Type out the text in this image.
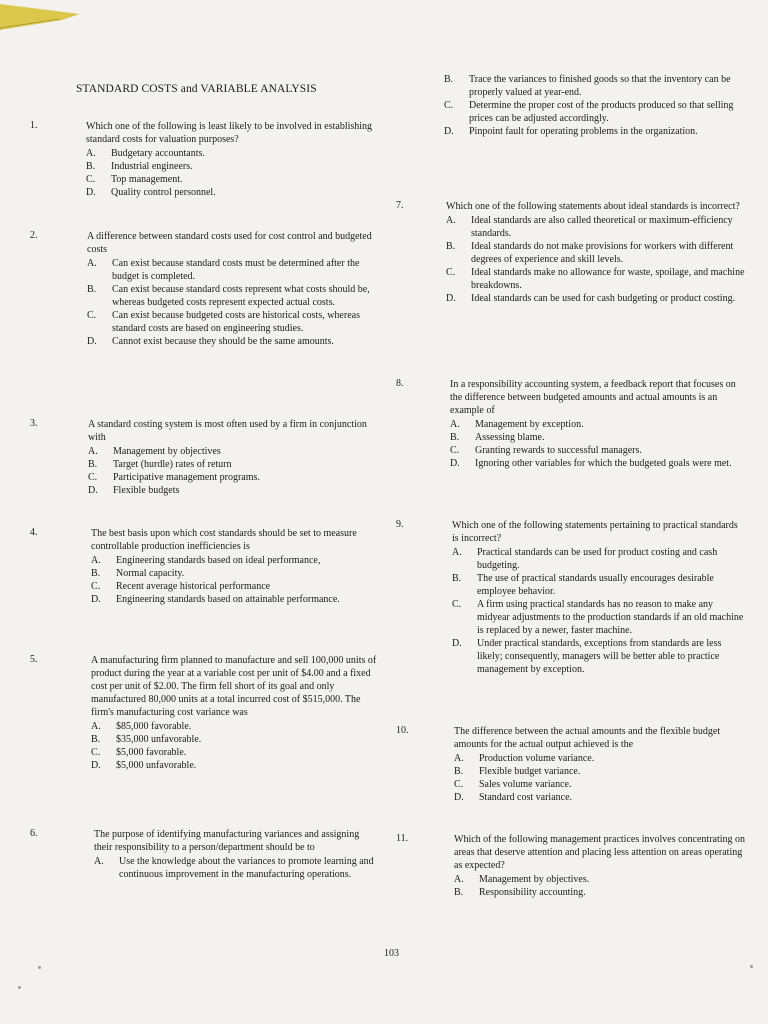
STANDARD COSTS and VARIABLE ANALYSIS
1.	Which one of the following is least likely to be involved in establishing standard costs for valuation purposes?

A. Budgetary accountants.
B. Industrial engineers.
C. Top management.
D. Quality control personnel.
2.	A difference between standard costs used for cost control and budgeted costs

A. Can exist because standard costs must be determined after the budget is completed.
B. Can exist because standard costs represent what costs should be, whereas budgeted costs represent expected actual costs.
C. Can exist because budgeted costs are historical costs, whereas standard costs are based on engineering studies.
D. Cannot exist because they should be the same amounts.
3.	A standard costing system is most often used by a firm in conjunction with

A. Management by objectives
B. Target (hurdle) rates of return
C. Participative management programs.
D. Flexible budgets
4.	The best basis upon which cost standards should be set to measure controllable production inefficiencies is

A. Engineering standards based on ideal performance,
B. Normal capacity.
C. Recent average historical performance
D. Engineering standards based on attainable performance.
5.	A manufacturing firm planned to manufacture and sell 100,000 units of product during the year at a variable cost per unit of $4.00 and a fixed cost per unit of $2.00. The firm fell short of its goal and only manufactured 80,000 units at a total incurred cost of $515,000. The firm's manufacturing cost variance was

A. $85,000 favorable.
B. $35,000 unfavorable.
C. $5,000 favorable.
D. $5,000 unfavorable.
6.	The purpose of identifying manufacturing variances and assigning their responsibility to a person/department should be to

A. Use the knowledge about the variances to promote learning and continuous improvement in the manufacturing operations.
B. Trace the variances to finished goods so that the inventory can be properly valued at year-end.
C. Determine the proper cost of the products produced so that selling prices can be adjusted accordingly.
D. Pinpoint fault for operating problems in the organization.
7.	Which one of the following statements about ideal standards is incorrect?

A. Ideal standards are also called theoretical or maximum-efficiency standards.
B. Ideal standards do not make provisions for workers with different degrees of experience and skill levels.
C. Ideal standards make no allowance for waste, spoilage, and machine breakdowns.
D. Ideal standards can be used for cash budgeting or product costing.
8.	In a responsibility accounting system, a feedback report that focuses on the difference between budgeted amounts and actual amounts is an example of

A. Management by exception.
B. Assessing blame.
C. Granting rewards to successful managers.
D. Ignoring other variables for which the budgeted goals were met.
9.	Which one of the following statements pertaining to practical standards is incorrect?

A. Practical standards can be used for product costing and cash budgeting.
B. The use of practical standards usually encourages desirable employee behavior.
C. A firm using practical standards has no reason to make any midyear adjustments to the production standards if an old machine is replaced by a newer, faster machine.
D. Under practical standards, exceptions from standards are less likely; consequently, managers will be better able to practice management by exception.
10.	The difference between the actual amounts and the flexible budget amounts for the actual output achieved is the

A. Production volume variance.
B. Flexible budget variance.
C. Sales volume variance.
D. Standard cost variance.
11.	Which of the following management practices involves concentrating on areas that deserve attention and placing less attention on areas operating as expected?

A. Management by objectives.
B. Responsibility accounting.
103
